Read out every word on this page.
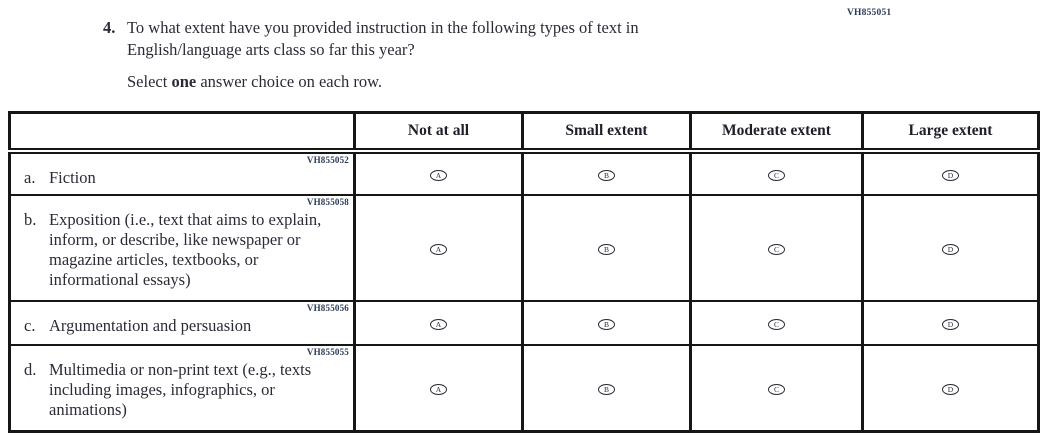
VH855051
4. To what extent have you provided instruction in the following types of text in English/language arts class so far this year?

Select one answer choice on each row.

	Not at all	Small extent	Moderate extent	Large extent

VH855052
a. Fiction	A	B	C	D

VH855058
b. Exposition (i.e., text that aims to explain, inform, or describe, like newspaper or magazine articles, textbooks, or informational essays)	A	B	C	D

VH855056
c. Argumentation and persuasion	A	B	C	D

VH855055
d. Multimedia or non-print text (e.g., texts including images, infographics, or animations)	A	B	C	D
